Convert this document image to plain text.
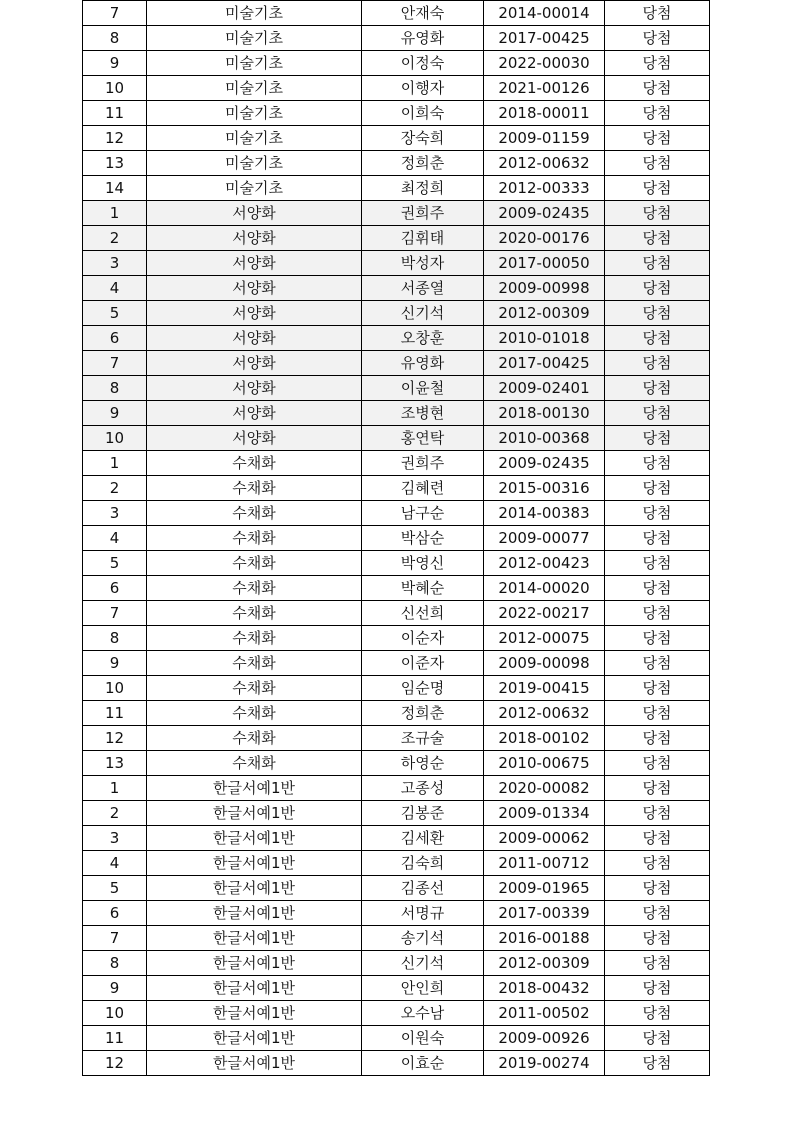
7	미술기초	안재숙	2014-00014	당첨
8	미술기초	유영화	2017-00425	당첨
9	미술기초	이정숙	2022-00030	당첨
10	미술기초	이행자	2021-00126	당첨
11	미술기초	이희숙	2018-00011	당첨
12	미술기초	장숙희	2009-01159	당첨
13	미술기초	정희춘	2012-00632	당첨
14	미술기초	최정희	2012-00333	당첨
1	서양화	권희주	2009-02435	당첨
2	서양화	김휘태	2020-00176	당첨
3	서양화	박성자	2017-00050	당첨
4	서양화	서종열	2009-00998	당첨
5	서양화	신기석	2012-00309	당첨
6	서양화	오창훈	2010-01018	당첨
7	서양화	유영화	2017-00425	당첨
8	서양화	이윤철	2009-02401	당첨
9	서양화	조병현	2018-00130	당첨
10	서양화	홍연탁	2010-00368	당첨
1	수채화	권희주	2009-02435	당첨
2	수채화	김혜련	2015-00316	당첨
3	수채화	남구순	2014-00383	당첨
4	수채화	박삼순	2009-00077	당첨
5	수채화	박영신	2012-00423	당첨
6	수채화	박혜순	2014-00020	당첨
7	수채화	신선희	2022-00217	당첨
8	수채화	이순자	2012-00075	당첨
9	수채화	이준자	2009-00098	당첨
10	수채화	임순명	2019-00415	당첨
11	수채화	정희춘	2012-00632	당첨
12	수채화	조규술	2018-00102	당첨
13	수채화	하영순	2010-00675	당첨
1	한글서예1반	고종성	2020-00082	당첨
2	한글서예1반	김봉준	2009-01334	당첨
3	한글서예1반	김세환	2009-00062	당첨
4	한글서예1반	김숙희	2011-00712	당첨
5	한글서예1반	김종선	2009-01965	당첨
6	한글서예1반	서명규	2017-00339	당첨
7	한글서예1반	송기석	2016-00188	당첨
8	한글서예1반	신기석	2012-00309	당첨
9	한글서예1반	안인희	2018-00432	당첨
10	한글서예1반	오수남	2011-00502	당첨
11	한글서예1반	이원숙	2009-00926	당첨
12	한글서예1반	이효순	2019-00274	당첨
